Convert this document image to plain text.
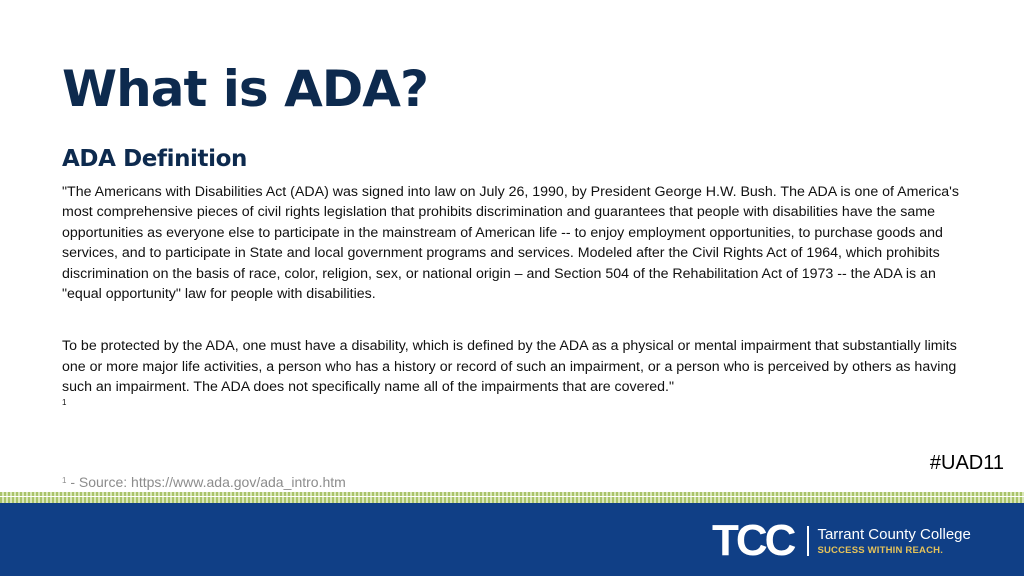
What is ADA?
ADA Definition

"The Americans with Disabilities Act (ADA) was signed into law on July 26, 1990, by President George H.W. Bush. The ADA is one of America's most comprehensive pieces of civil rights legislation that prohibits discrimination and guarantees that people with disabilities have the same opportunities as everyone else to participate in the mainstream of American life -- to enjoy employment opportunities, to purchase goods and services, and to participate in State and local government programs and services. Modeled after the Civil Rights Act of 1964, which prohibits discrimination on the basis of race, color, religion, sex, or national origin – and Section 504 of the Rehabilitation Act of 1973 -- the ADA is an "equal opportunity" law for people with disabilities.

To be protected by the ADA, one must have a disability, which is defined by the ADA as a physical or mental impairment that substantially limits one or more major life activities, a person who has a history or record of such an impairment, or a person who is perceived by others as having such an impairment. The ADA does not specifically name all of the impairments that are covered."

1
$^1$ - Source: https://www.ada.gov/ada_intro.htm
#UAD11
TCC Tarrant County College
SUCCESS WITHIN REACH.
